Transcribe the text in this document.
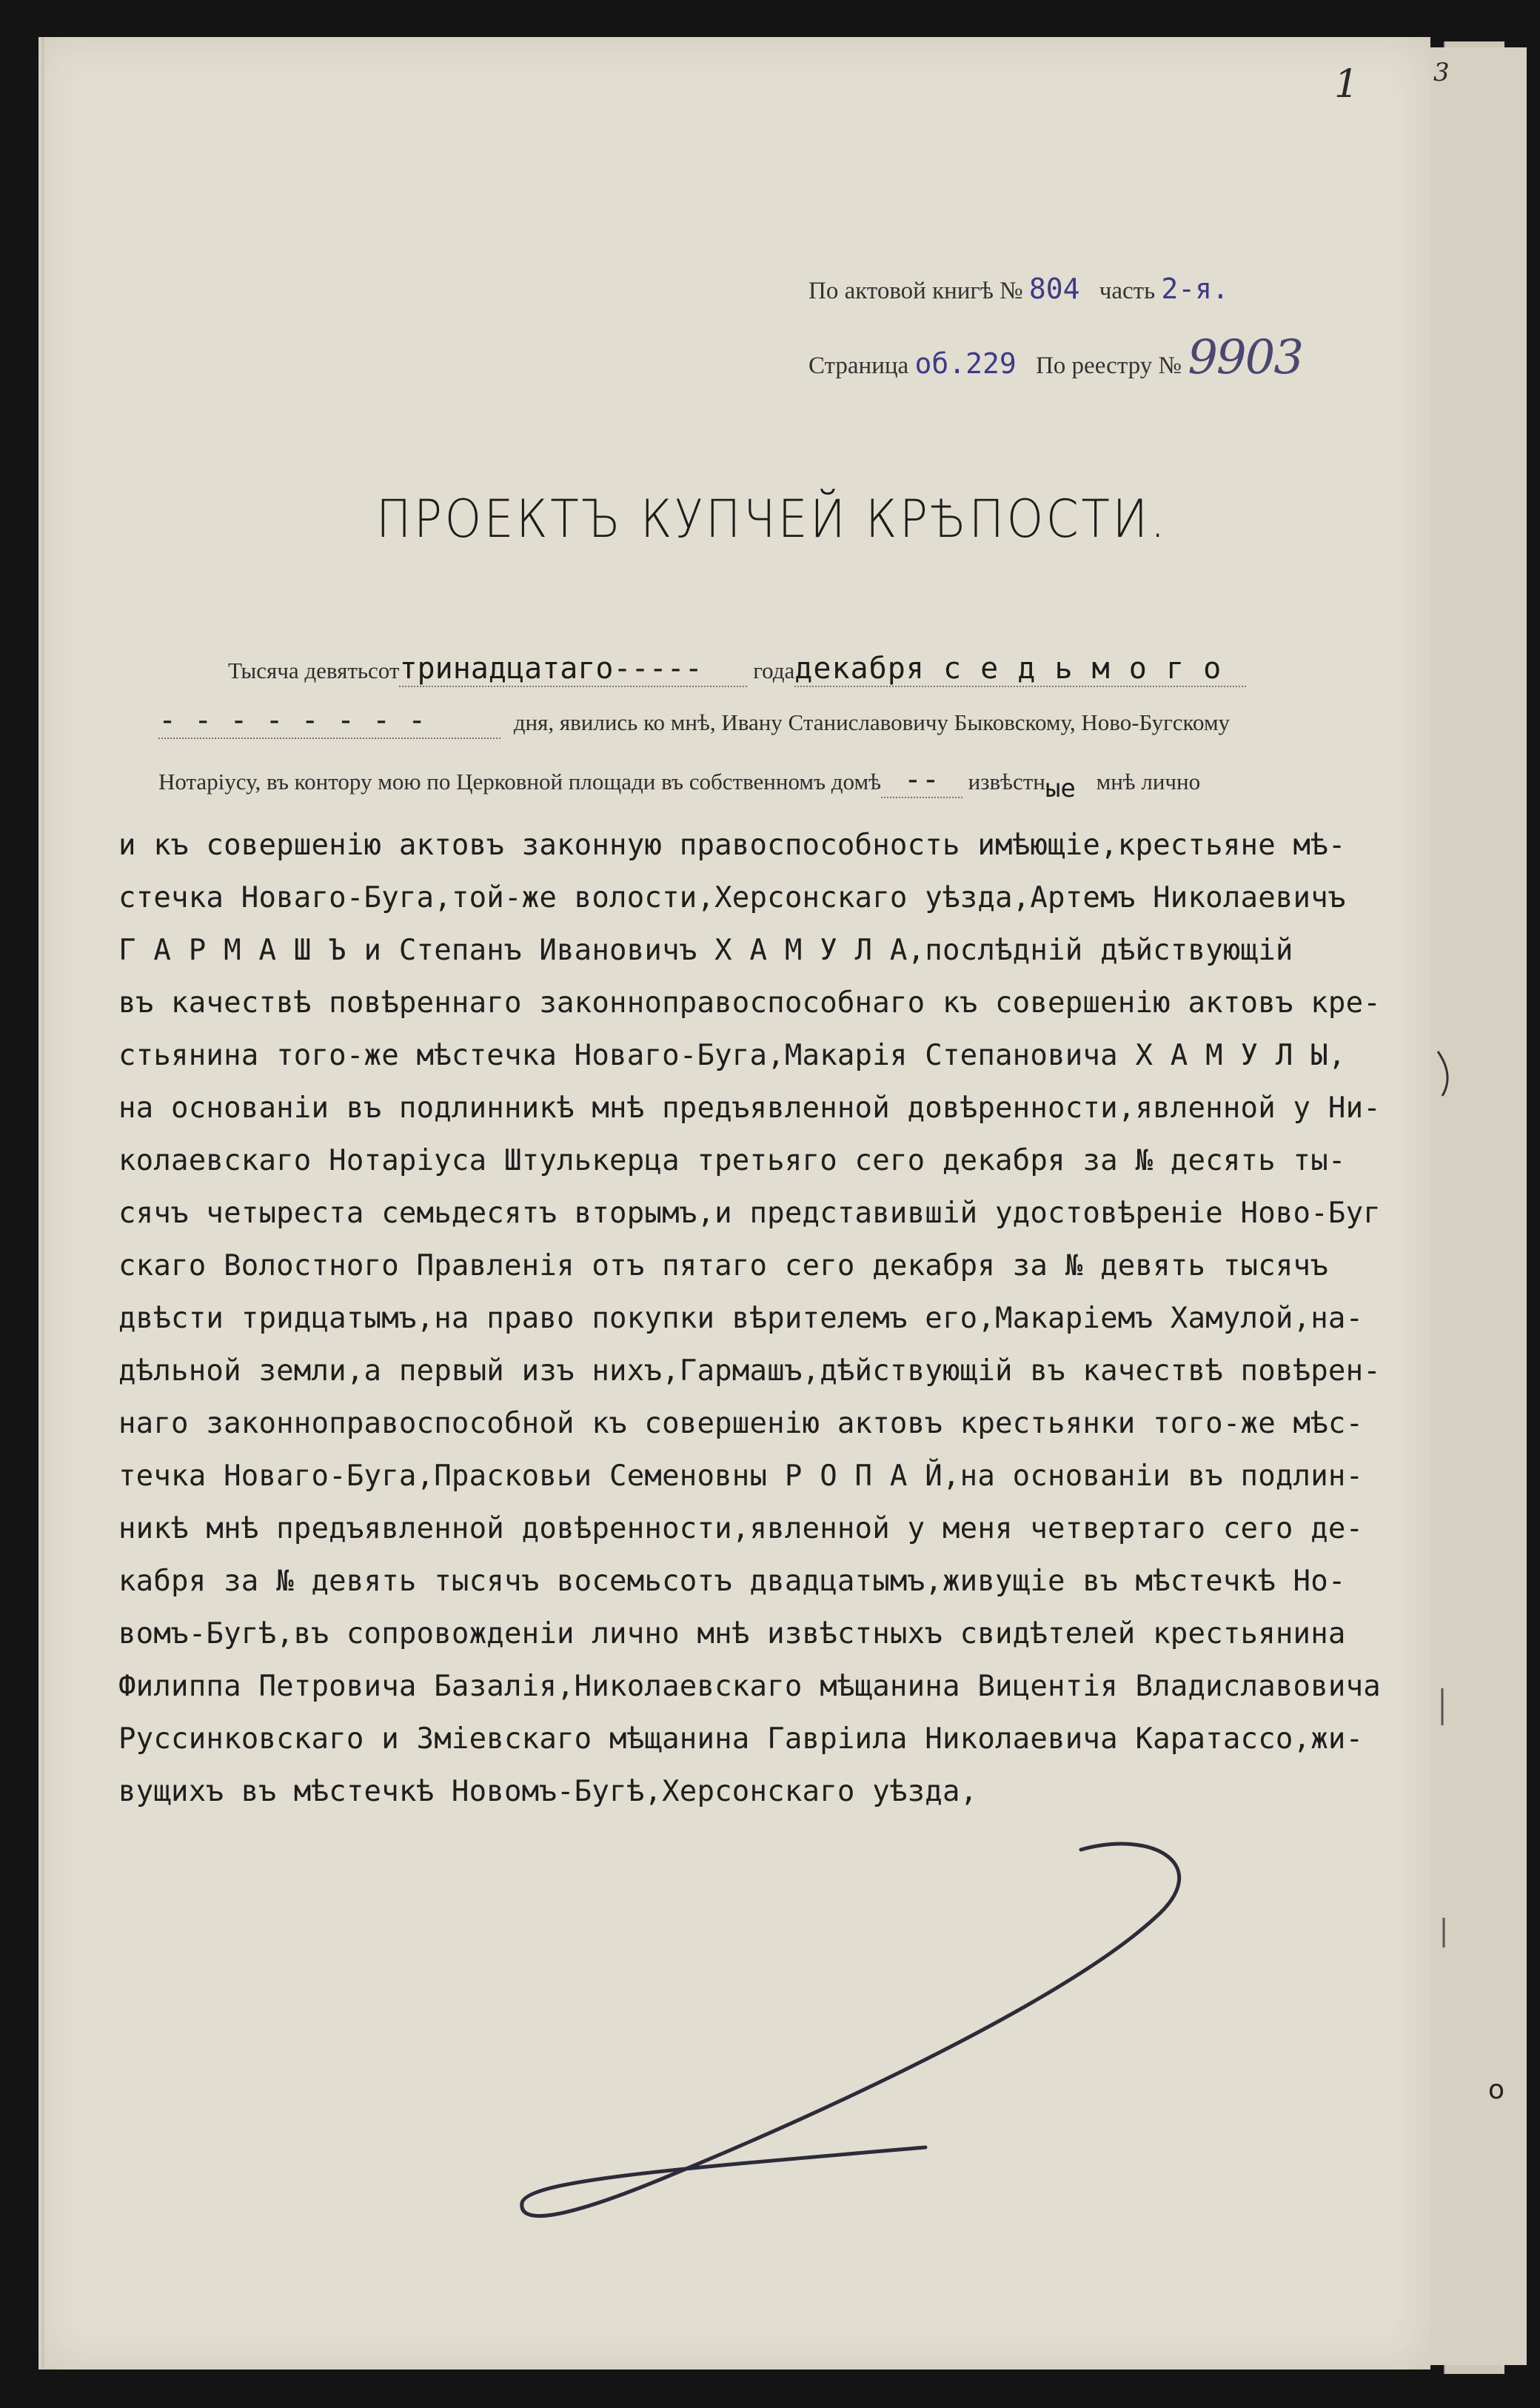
1	3
По актовой книгѣ № 804 часть 2-я.
Страница об.229 По реестру № 9903
ПРОЕКТЪ КУПЧЕЙ КРѢПОСТИ.
Тысяча девятьсоттринадцатаго----- годадекабря с е д ь м о г о
- - - - - - - -	дня, явились ко мнѣ, Ивану Станиславовичу Быковскому, Ново-Бугскому
Нотаріусу, въ контору мою по Церковной площади въ собственномъ домѣ -- извѣстные мнѣ лично
и къ совершенію актовъ законную правоспособность имѣющіе,крестьяне мѣ-
стечка Новаго-Буга,той-же волости,Херсонскаго уѣзда,Артемъ Николаевичъ
Г А Р М А Ш Ъ и Степанъ Ивановичъ Х А М У Л А,послѣдній дѣйствующій
въ качествѣ повѣреннаго законноправоспособнаго къ совершенію актовъ кре-
стьянина того-же мѣстечка Новаго-Буга,Макарія Степановича Х А М У Л Ы,
на основаніи въ подлинникѣ мнѣ предъявленной довѣренности,явленной у Ни-
колаевскаго Нотаріуса Штулькерца третьяго сего декабря за № десять ты-
сячъ четыреста семьдесятъ вторымъ,и представившій удостовѣреніе Ново-Буг
скаго Волостного Правленія отъ пятаго сего декабря за № девять тысячъ
двѣсти тридцатымъ,на право покупки вѣрителемъ его,Макаріемъ Хамулой,на-
дѣльной земли,а первый изъ нихъ,Гармашъ,дѣйствующій въ качествѣ повѣрен-
наго законноправоспособной къ совершенію актовъ крестьянки того-же мѣс-
течка Новаго-Буга,Прасковьи Семеновны Р О П А Й,на основаніи въ подлин-
никѣ мнѣ предъявленной довѣренности,явленной у меня четвертаго сего де-
кабря за № девять тысячъ восемьсотъ двадцатымъ,живущіе въ мѣстечкѣ Но-
вомъ-Бугѣ,въ сопровожденіи лично мнѣ извѣстныхъ свидѣтелей крестьянина
Филиппа Петровича Базалія,Николаевскаго мѣщанина Вицентія Владиславовича
Руссинковскаго и Зміевскаго мѣщанина Гавріила Николаевича Каратассо,жи-
вущихъ въ мѣстечкѣ Новомъ-Бугѣ,Херсонскаго уѣзда,
о
